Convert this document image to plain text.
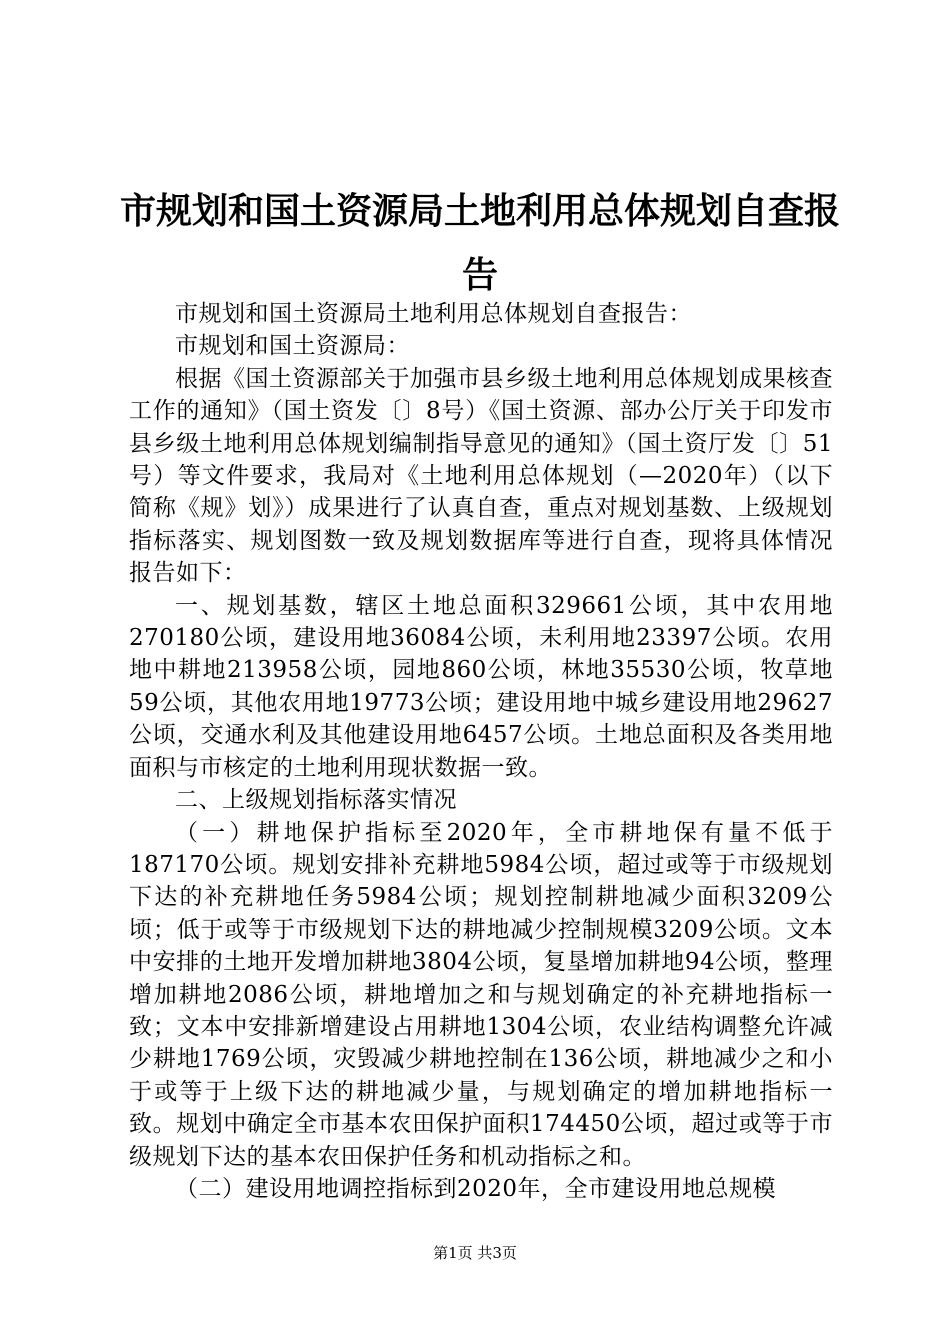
市规划和国土资源局土地利用总体规划自查报告

市规划和国土资源局土地利用总体规划自查报告：

市规划和国土资源局：

根据《国土资源部关于加强市县乡级土地利用总体规划成果核查工作的通知》（国土资发〔〕8号）《国土资源、部办公厅关于印发市县乡级土地利用总体规划编制指导意见的通知》（国土资厅发〔〕51号）等文件要求，我局对《土地利用总体规划（—2020年）（以下简称《规》划》）成果进行了认真自查，重点对规划基数、上级规划指标落实、规划图数一致及规划数据库等进行自查，现将具体情况报告如下：

一、规划基数，辖区土地总面积329661公顷，其中农用地270180公顷，建设用地36084公顷，未利用地23397公顷。农用地中耕地213958公顷，园地860公顷，林地35530公顷，牧草地59公顷，其他农用地19773公顷；建设用地中城乡建设用地29627公顷，交通水利及其他建设用地6457公顷。土地总面积及各类用地面积与市核定的土地利用现状数据一致。

二、上级规划指标落实情况

（一）耕地保护指标至2020年，全市耕地保有量不低于187170公顷。规划安排补充耕地5984公顷，超过或等于市级规划下达的补充耕地任务5984公顷；规划控制耕地减少面积3209公顷；低于或等于市级规划下达的耕地减少控制规模3209公顷。文本中安排的土地开发增加耕地3804公顷，复垦增加耕地94公顷，整理增加耕地2086公顷，耕地增加之和与规划确定的补充耕地指标一致；文本中安排新增建设占用耕地1304公顷，农业结构调整允许减少耕地1769公顷，灾毁减少耕地控制在136公顷，耕地减少之和小于或等于上级下达的耕地减少量，与规划确定的增加耕地指标一致。规划中确定全市基本农田保护面积174450公顷，超过或等于市级规划下达的基本农田保护任务和机动指标之和。

（二）建设用地调控指标到2020年，全市建设用地总规模

第1页 共3页
